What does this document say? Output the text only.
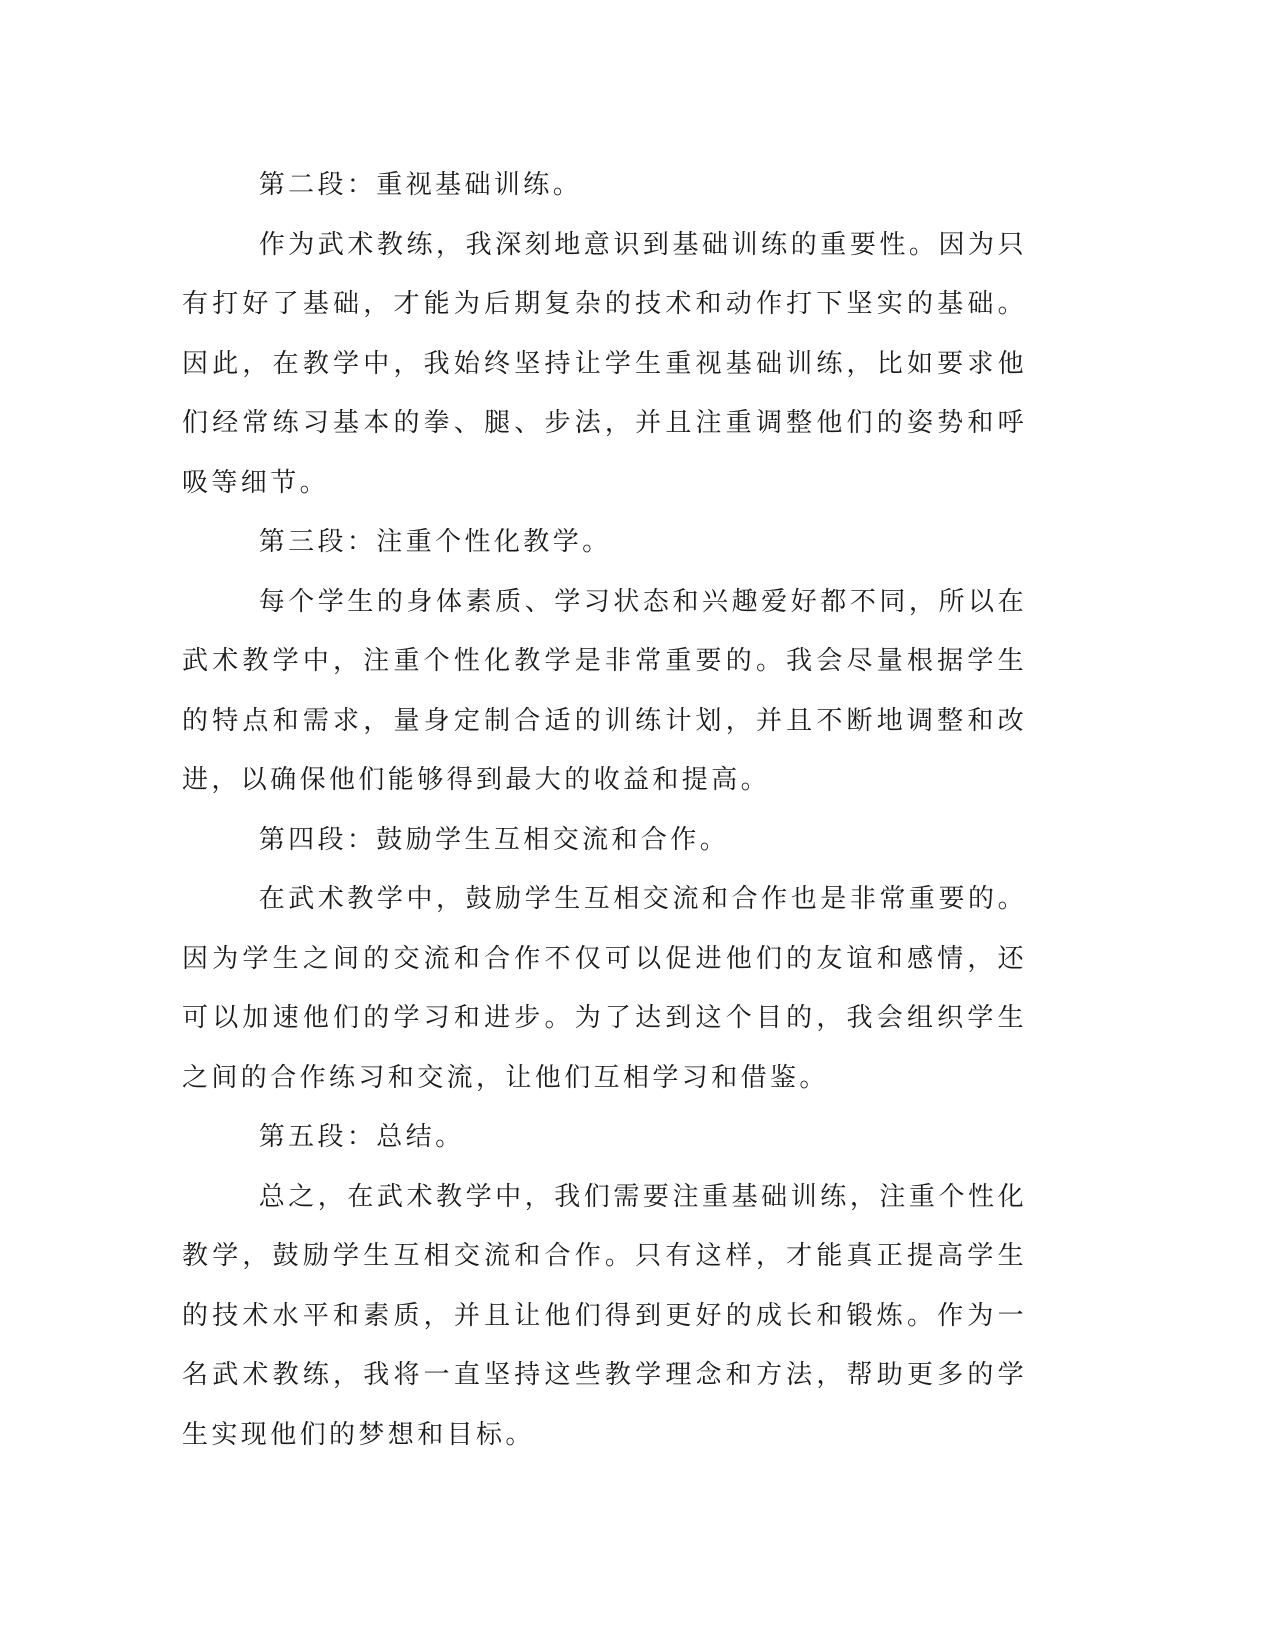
第二段：重视基础训练。

作为武术教练，我深刻地意识到基础训练的重要性。因为只有打好了基础，才能为后期复杂的技术和动作打下坚实的基础。因此，在教学中，我始终坚持让学生重视基础训练，比如要求他们经常练习基本的拳、腿、步法，并且注重调整他们的姿势和呼吸等细节。

第三段：注重个性化教学。

每个学生的身体素质、学习状态和兴趣爱好都不同，所以在武术教学中，注重个性化教学是非常重要的。我会尽量根据学生的特点和需求，量身定制合适的训练计划，并且不断地调整和改进，以确保他们能够得到最大的收益和提高。

第四段：鼓励学生互相交流和合作。

在武术教学中，鼓励学生互相交流和合作也是非常重要的。因为学生之间的交流和合作不仅可以促进他们的友谊和感情，还可以加速他们的学习和进步。为了达到这个目的，我会组织学生之间的合作练习和交流，让他们互相学习和借鉴。

第五段：总结。

总之，在武术教学中，我们需要注重基础训练，注重个性化教学，鼓励学生互相交流和合作。只有这样，才能真正提高学生的技术水平和素质，并且让他们得到更好的成长和锻炼。作为一名武术教练，我将一直坚持这些教学理念和方法，帮助更多的学生实现他们的梦想和目标。
